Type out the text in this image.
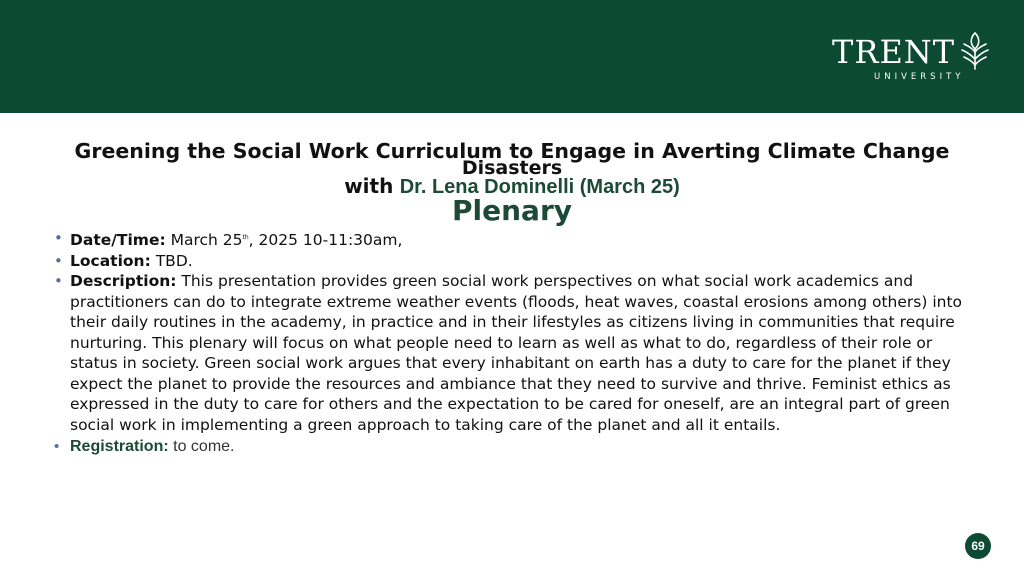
TRENT
UNIVERSITY
Greening the Social Work Curriculum to Engage in Averting Climate Change
Disasters
with Dr. Lena Dominelli (March 25)
Plenary
• Date/Time: March 25th, 2025 10-11:30am,
• Location: TBD.
• Description: This presentation provides green social work perspectives on what social work academics and practitioners can do to integrate extreme weather events (floods, heat waves, coastal erosions among others) into their daily routines in the academy, in practice and in their lifestyles as citizens living in communities that require nurturing. This plenary will focus on what people need to learn as well as what to do, regardless of their role or status in society. Green social work argues that every inhabitant on earth has a duty to care for the planet if they expect the planet to provide the resources and ambiance that they need to survive and thrive. Feminist ethics as expressed in the duty to care for others and the expectation to be cared for oneself, are an integral part of green social work in implementing a green approach to taking care of the planet and all it entails.
• Registration: to come.
69
